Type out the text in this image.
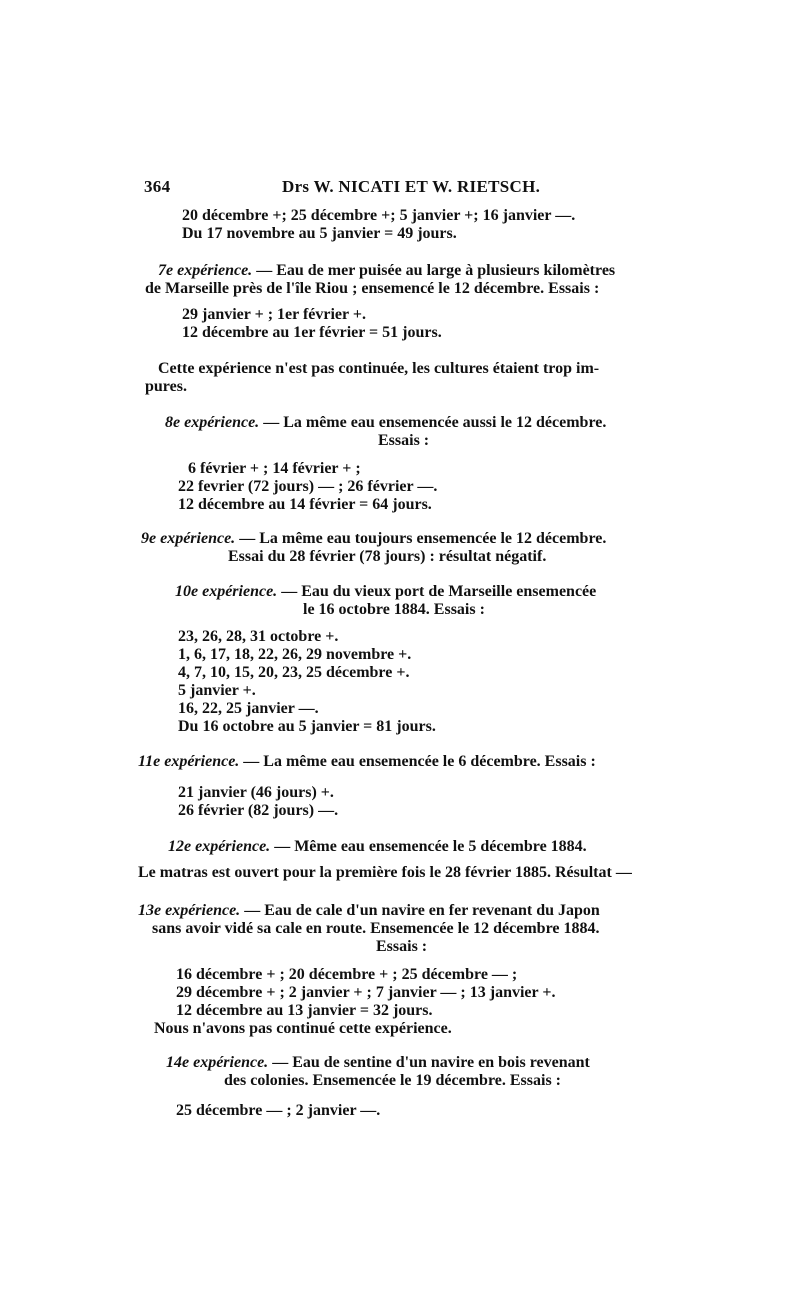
364	Drs W. NICATI ET W. RIETSCH.
20 décembre +; 25 décembre +; 5 janvier +; 16 janvier —.
Du 17 novembre au 5 janvier = 49 jours.
7e expérience. — Eau de mer puisée au large à plusieurs kilomètres
de Marseille près de l'île Riou ; ensemencé le 12 décembre. Essais :
29 janvier + ; 1er février +.
12 décembre au 1er février = 51 jours.
Cette expérience n'est pas continuée, les cultures étaient trop im-
pures.
8e expérience. — La même eau ensemencée aussi le 12 décembre.
Essais :
6 février + ; 14 février + ;
22 fevrier (72 jours) — ; 26 février —.
12 décembre au 14 février = 64 jours.
9e expérience. — La même eau toujours ensemencée le 12 décembre.
Essai du 28 février (78 jours) : résultat négatif.
10e expérience. — Eau du vieux port de Marseille ensemencée
le 16 octobre 1884. Essais :
23, 26, 28, 31 octobre +.
1, 6, 17, 18, 22, 26, 29 novembre +.
4, 7, 10, 15, 20, 23, 25 décembre +.
5 janvier +.
16, 22, 25 janvier —.
Du 16 octobre au 5 janvier = 81 jours.
11e expérience. — La même eau ensemencée le 6 décembre. Essais :
21 janvier (46 jours) +.
26 février (82 jours) —.
12e expérience. — Même eau ensemencée le 5 décembre 1884.
Le matras est ouvert pour la première fois le 28 février 1885. Résultat —
13e expérience. — Eau de cale d'un navire en fer revenant du Japon
sans avoir vidé sa cale en route. Ensemencée le 12 décembre 1884.
Essais :
16 décembre + ; 20 décembre + ; 25 décembre — ;
29 décembre + ; 2 janvier + ; 7 janvier — ; 13 janvier +.
12 décembre au 13 janvier = 32 jours.
Nous n'avons pas continué cette expérience.
14e expérience. — Eau de sentine d'un navire en bois revenant
des colonies. Ensemencée le 19 décembre. Essais :
25 décembre — ; 2 janvier —.
